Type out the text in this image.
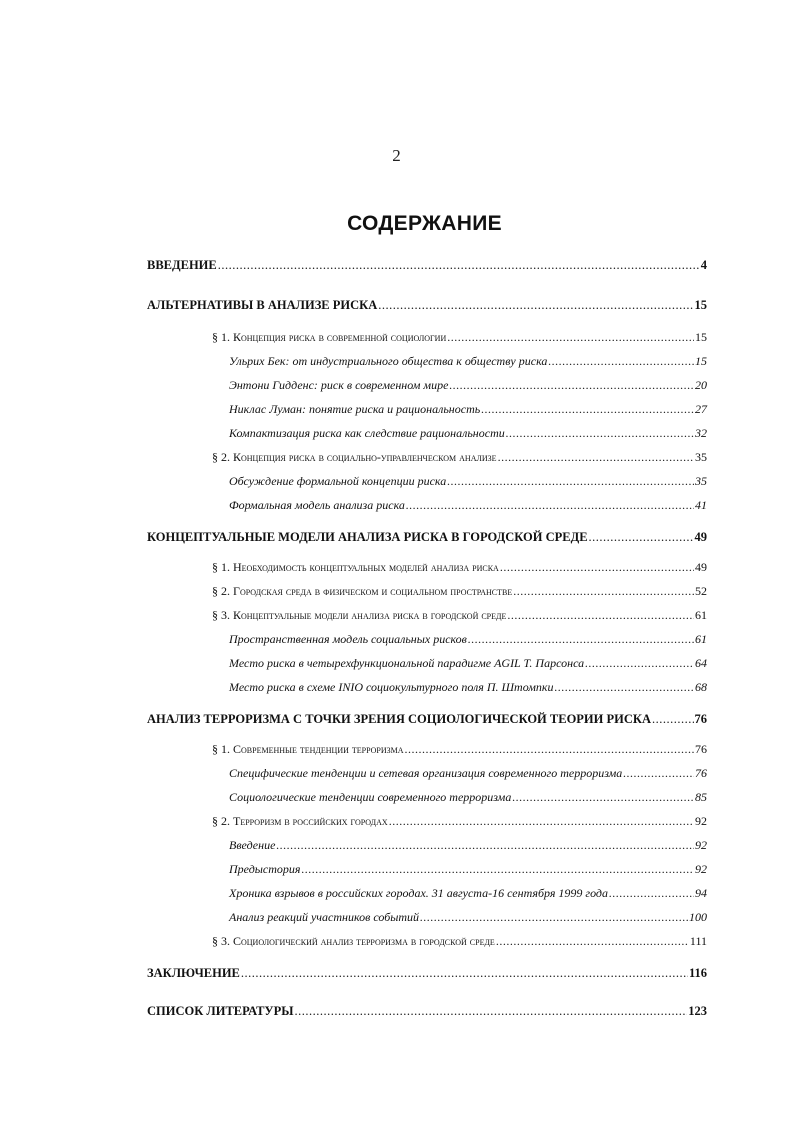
2
СОДЕРЖАНИЕ
ВВЕДЕНИЕ .....	4
АЛЬТЕРНАТИВЫ В АНАЛИЗЕ РИСКА .....	15
§ 1. Концепция риска в современной социологии .....	15
Ульрих Бек: от индустриального общества к обществу риска .....	15
Энтони Гидденс: риск в современном мире .....	20
Никлас Луман: понятие риска и рациональность .....	27
Компактизация риска как следствие рациональности .....	32
§ 2. Концепция риска в социально-управленческом анализе .....	35
Обсуждение формальной концепции риска .....	35
Формальная модель анализа риска .....	41
КОНЦЕПТУАЛЬНЫЕ МОДЕЛИ АНАЛИЗА РИСКА В ГОРОДСКОЙ СРЕДЕ .....	49
§ 1. Необходимость концептуальных моделей анализа риска .....	49
§ 2. Городская среда в физическом и социальном пространстве .....	52
§ 3. Концептуальные модели анализа риска в городской среде .....	61
Пространственная модель социальных рисков .....	61
Место риска в четырехфункциональной парадигме AGIL Т. Парсонса .....	64
Место риска в схеме INIO социокультурного поля П. Штомпки .....	68
АНАЛИЗ ТЕРРОРИЗМА С ТОЧКИ ЗРЕНИЯ СОЦИОЛОГИЧЕСКОЙ ТЕОРИИ РИСКА .....	76
§ 1. Современные тенденции терроризма .....	76
Специфические тенденции и сетевая организация современного терроризма .....	76
Социологические тенденции современного терроризма .....	85
§ 2. Терроризм в российских городах .....	92
Введение .....	92
Предыстория .....	92
Хроника взрывов в российских городах. 31 августа-16 сентября 1999 года .....	94
Анализ реакций участников событий .....	100
§ 3. Социологический анализ терроризма в городской среде .....	111
ЗАКЛЮЧЕНИЕ .....	116
СПИСОК ЛИТЕРАТУРЫ .....	123
